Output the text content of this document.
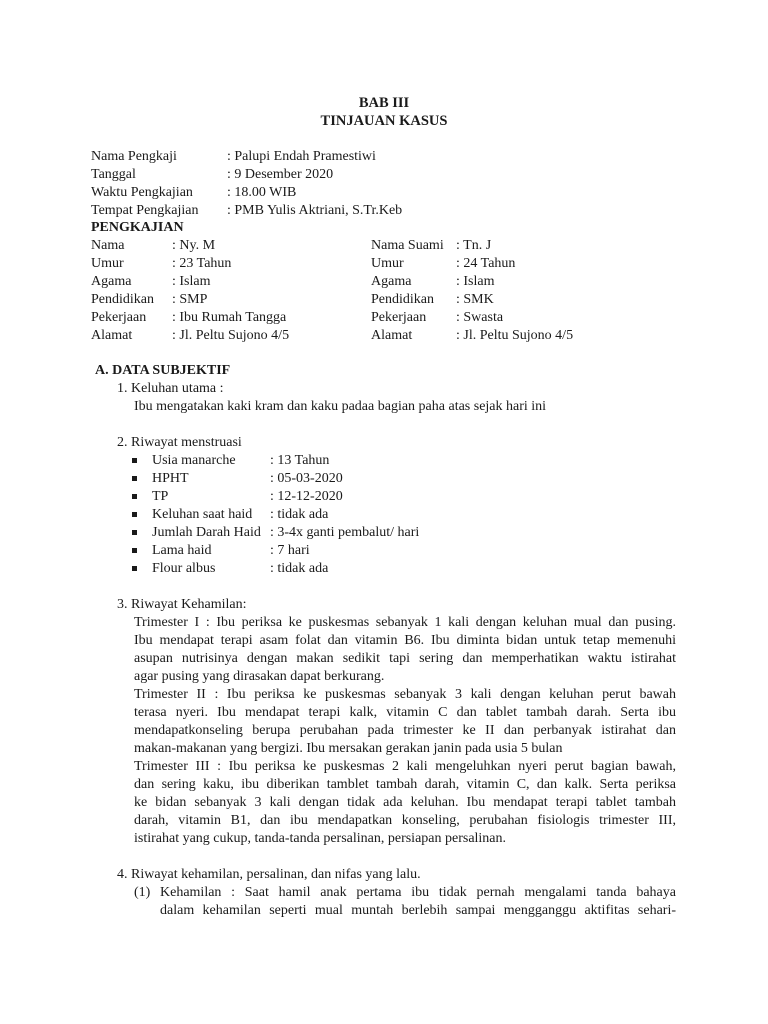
BAB III
TINJAUAN KASUS
Nama Pengkaji	: Palupi Endah Pramestiwi
Tanggal	: 9 Desember 2020
Waktu Pengkajian : 18.00 WIB
Tempat Pengkajian : PMB Yulis Aktriani, S.Tr.Keb
PENGKAJIAN
Nama	: Ny. M
Umur	: 23 Tahun
Agama	: Islam
Pendidikan : SMP
Pekerjaan : Ibu Rumah Tangga
Alamat	: Jl. Peltu Sujono 4/5
Nama Suami : Tn. J
Umur	: 24 Tahun
Agama	: Islam
Pendidikan : SMK
Pekerjaan : Swasta
Alamat	: Jl. Peltu Sujono 4/5
A. DATA SUBJEKTIF
1. Keluhan utama :
Ibu mengatakan kaki kram dan kaku padaa bagian paha atas sejak hari ini
2. Riwayat menstruasi
Usia manarche : 13 Tahun
HPHT	: 05-03-2020
TP	: 12-12-2020
Keluhan saat haid : tidak ada
Jumlah Darah Haid : 3-4x ganti pembalut/ hari
Lama haid	: 7 hari
Flour albus	: tidak ada
3. Riwayat Kehamilan:
Trimester I : Ibu periksa ke puskesmas sebanyak 1 kali dengan keluhan mual dan pusing.
Ibu mendapat terapi asam folat dan vitamin B6. Ibu diminta bidan untuk tetap memenuhi
asupan nutrisinya dengan makan sedikit tapi sering dan memperhatikan waktu istirahat
agar pusing yang dirasakan dapat berkurang.
Trimester II : Ibu periksa ke puskesmas sebanyak 3 kali dengan keluhan perut bawah
terasa nyeri. Ibu mendapat terapi kalk, vitamin C dan tablet tambah darah. Serta ibu
mendapatkonseling berupa perubahan pada trimester ke II dan perbanyak istirahat dan
makan-makanan yang bergizi. Ibu mersakan gerakan janin pada usia 5 bulan
Trimester III : Ibu periksa ke puskesmas 2 kali mengeluhkan nyeri perut bagian bawah,
dan sering kaku, ibu diberikan tamblet tambah darah, vitamin C, dan kalk. Serta periksa
ke bidan sebanyak 3 kali dengan tidak ada keluhan. Ibu mendapat terapi tablet tambah
darah, vitamin B1, dan ibu mendapatkan konseling, perubahan fisiologis trimester III,
istirahat yang cukup, tanda-tanda persalinan, persiapan persalinan.
4. Riwayat kehamilan, persalinan, dan nifas yang lalu.
(1) Kehamilan : Saat hamil anak pertama ibu tidak pernah mengalami tanda bahaya
dalam kehamilan seperti mual muntah berlebih sampai mengganggu aktifitas sehari-
